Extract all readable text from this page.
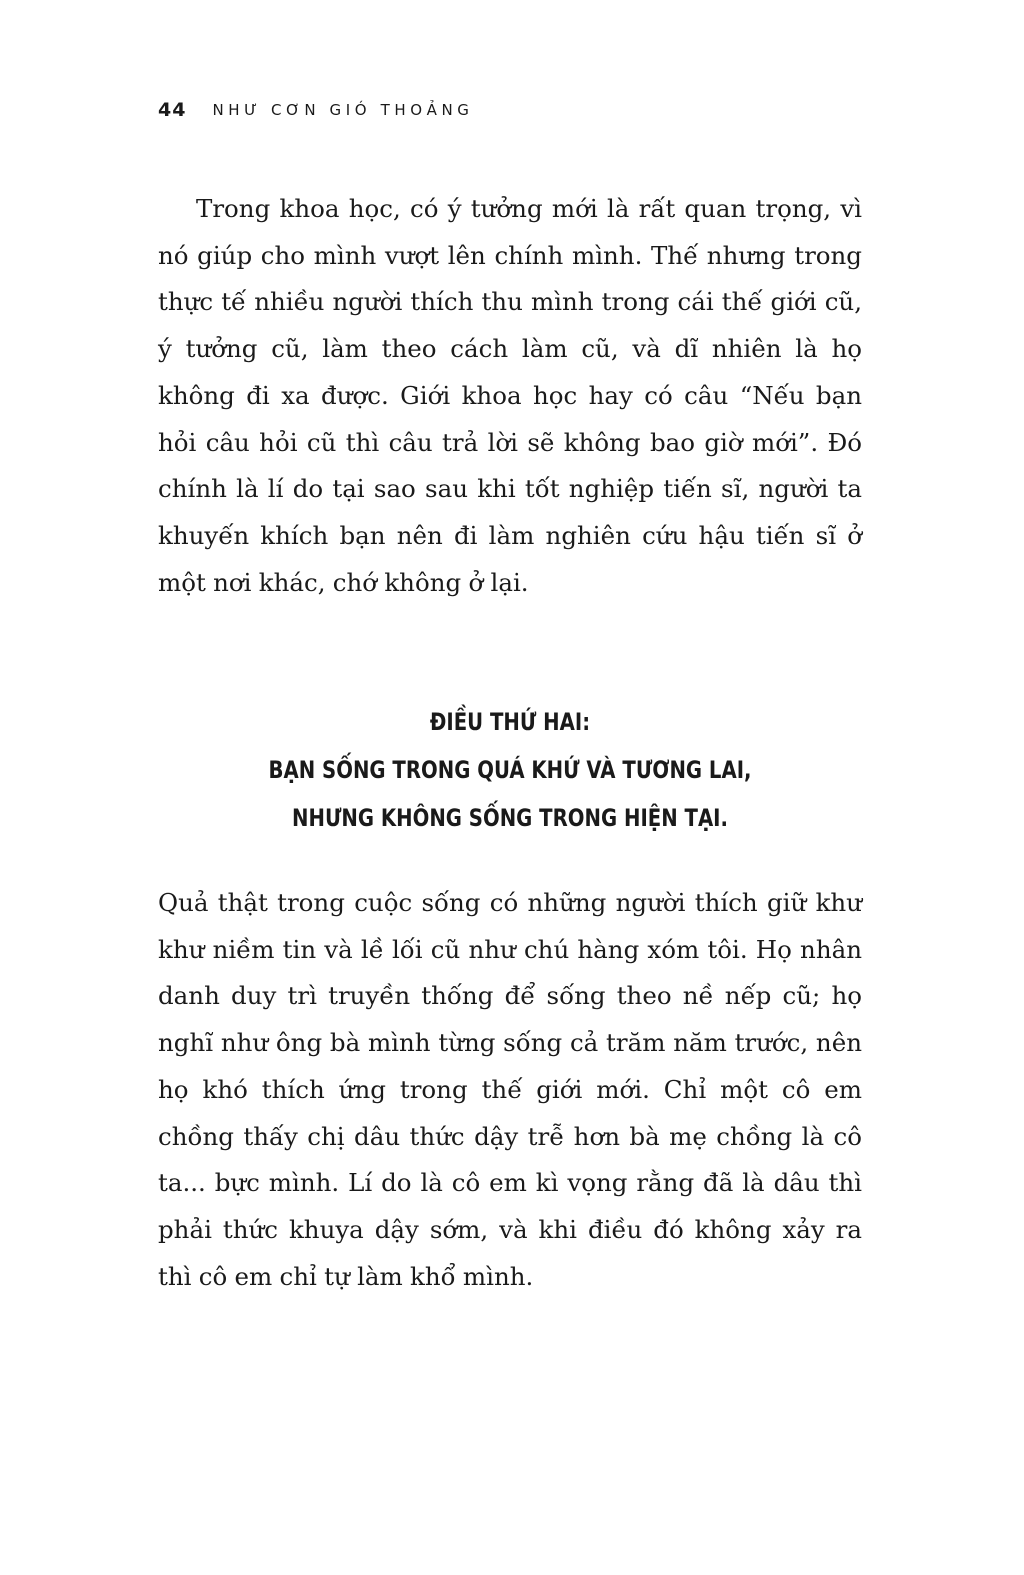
44 NHƯ CƠN GIÓ THOẢNG

Trong khoa học, có ý tưởng mới là rất quan trọng, vì nó giúp cho mình vượt lên chính mình. Thế nhưng trong thực tế nhiều người thích thu mình trong cái thế giới cũ, ý tưởng cũ, làm theo cách làm cũ, và dĩ nhiên là họ không đi xa được. Giới khoa học hay có câu “Nếu bạn hỏi câu hỏi cũ thì câu trả lời sẽ không bao giờ mới”. Đó chính là lí do tại sao sau khi tốt nghiệp tiến sĩ, người ta khuyến khích bạn nên đi làm nghiên cứu hậu tiến sĩ ở một nơi khác, chớ không ở lại.

ĐIỀU THỨ HAI:
BẠN SỐNG TRONG QUÁ KHỨ VÀ TƯƠNG LAI,
NHƯNG KHÔNG SỐNG TRONG HIỆN TẠI.

Quả thật trong cuộc sống có những người thích giữ khư khư niềm tin và lề lối cũ như chú hàng xóm tôi. Họ nhân danh duy trì truyền thống để sống theo nề nếp cũ; họ nghĩ như ông bà mình từng sống cả trăm năm trước, nên họ khó thích ứng trong thế giới mới. Chỉ một cô em chồng thấy chị dâu thức dậy trễ hơn bà mẹ chồng là cô ta... bực mình. Lí do là cô em kì vọng rằng đã là dâu thì phải thức khuya dậy sớm, và khi điều đó không xảy ra thì cô em chỉ tự làm khổ mình.
